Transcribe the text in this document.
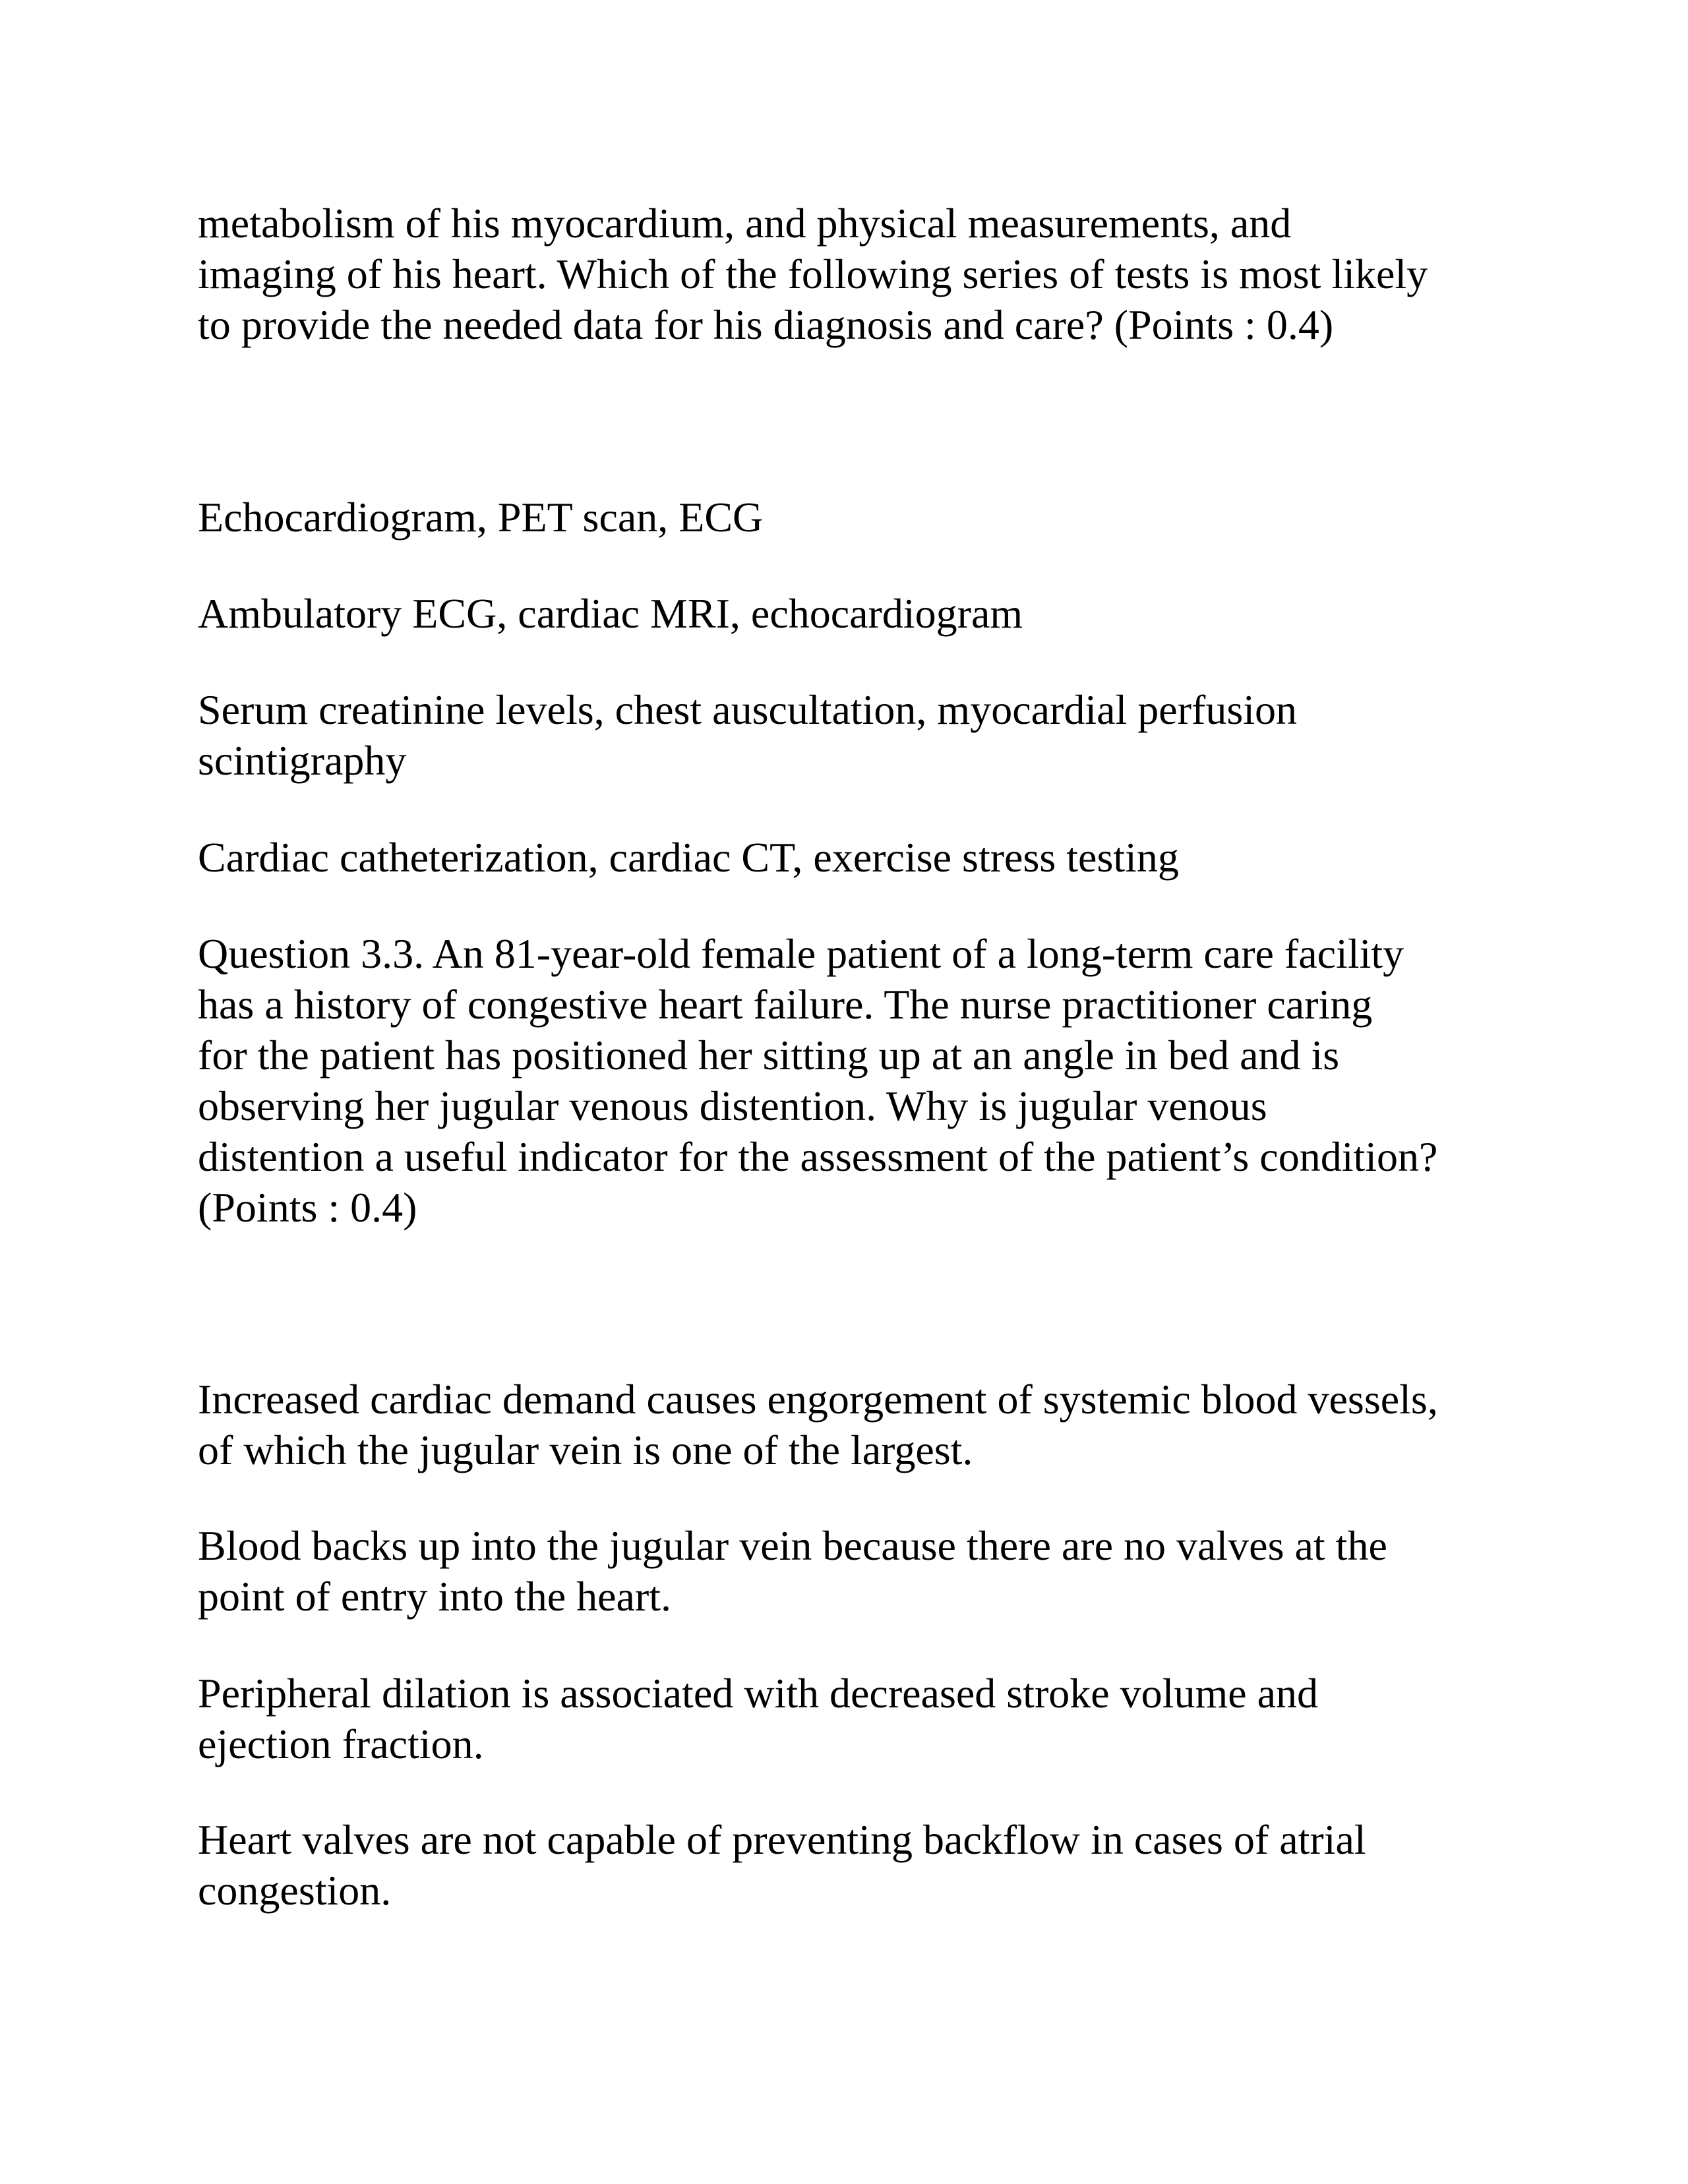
metabolism of his myocardium, and physical measurements, and
imaging of his heart. Which of the following series of tests is most likely
to provide the needed data for his diagnosis and care? (Points : 0.4)

Echocardiogram, PET scan, ECG

Ambulatory ECG, cardiac MRI, echocardiogram

Serum creatinine levels, chest auscultation, myocardial perfusion
scintigraphy

Cardiac catheterization, cardiac CT, exercise stress testing

Question 3.3. An 81-year-old female patient of a long-term care facility
has a history of congestive heart failure. The nurse practitioner caring
for the patient has positioned her sitting up at an angle in bed and is
observing her jugular venous distention. Why is jugular venous
distention a useful indicator for the assessment of the patient’s condition?
(Points : 0.4)

Increased cardiac demand causes engorgement of systemic blood vessels,
of which the jugular vein is one of the largest.

Blood backs up into the jugular vein because there are no valves at the
point of entry into the heart.

Peripheral dilation is associated with decreased stroke volume and
ejection fraction.

Heart valves are not capable of preventing backflow in cases of atrial
congestion.
